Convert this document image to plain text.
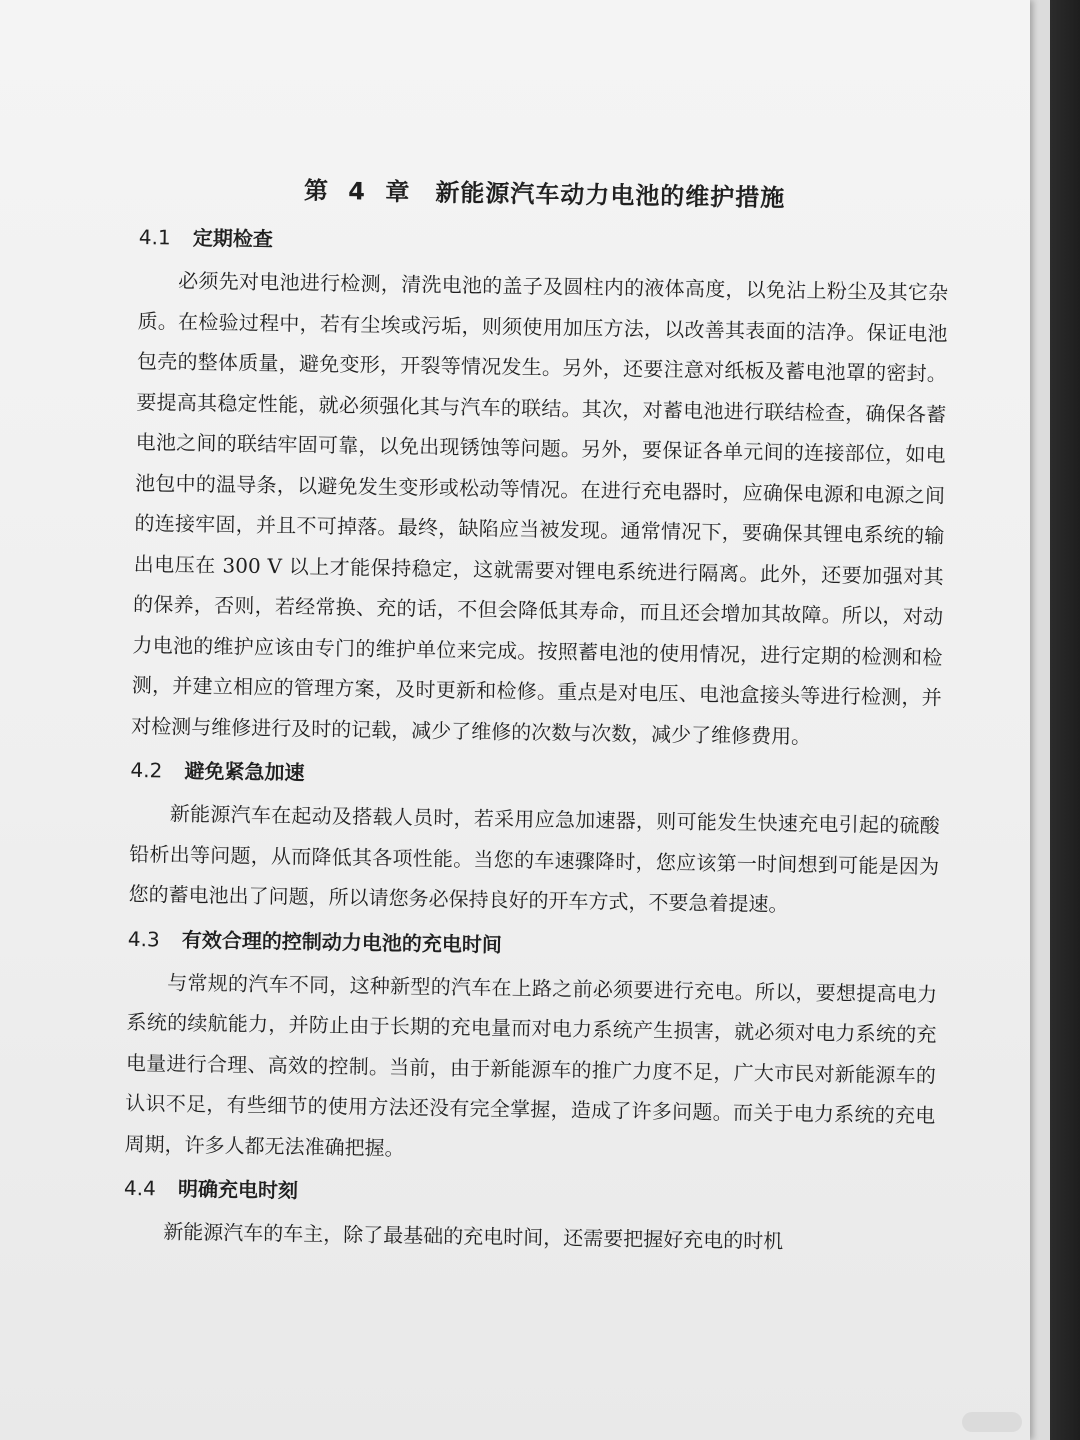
第 4 章　新能源汽车动力电池的维护措施
4.1 定期检查

必须先对电池进行检测，清洗电池的盖子及圆柱内的液体高度，以免沾上粉尘及其它杂质。在检验过程中，若有尘埃或污垢，则须使用加压方法，以改善其表面的洁净。保证电池包壳的整体质量，避免变形，开裂等情况发生。另外，还要注意对纸板及蓄电池罩的密封。要提高其稳定性能，就必须强化其与汽车的联结。其次，对蓄电池进行联结检查，确保各蓄电池之间的联结牢固可靠，以免出现锈蚀等问题。另外，要保证各单元间的连接部位，如电池包中的温导条，以避免发生变形或松动等情况。在进行充电器时，应确保电源和电源之间的连接牢固，并且不可掉落。最终，缺陷应当被发现。通常情况下，要确保其锂电系统的输出电压在 300 V 以上才能保持稳定，这就需要对锂电系统进行隔离。此外，还要加强对其的保养，否则，若经常换、充的话，不但会降低其寿命，而且还会增加其故障。所以，对动力电池的维护应该由专门的维护单位来完成。按照蓄电池的使用情况，进行定期的检测和检测，并建立相应的管理方案，及时更新和检修。重点是对电压、电池盒接头等进行检测，并对检测与维修进行及时的记载，减少了维修的次数与次数，减少了维修费用。

4.2 避免紧急加速

新能源汽车在起动及搭载人员时，若采用应急加速器，则可能发生快速充电引起的硫酸铅析出等问题，从而降低其各项性能。当您的车速骤降时，您应该第一时间想到可能是因为您的蓄电池出了问题，所以请您务必保持良好的开车方式，不要急着提速。

4.3 有效合理的控制动力电池的充电时间

与常规的汽车不同，这种新型的汽车在上路之前必须要进行充电。所以，要想提高电力系统的续航能力，并防止由于长期的充电量而对电力系统产生损害，就必须对电力系统的充电量进行合理、高效的控制。当前，由于新能源车的推广力度不足，广大市民对新能源车的认识不足，有些细节的使用方法还没有完全掌握，造成了许多问题。而关于电力系统的充电周期，许多人都无法准确把握。

4.4 明确充电时刻

新能源汽车的车主，除了最基础的充电时间，还需要把握好充电的时机
